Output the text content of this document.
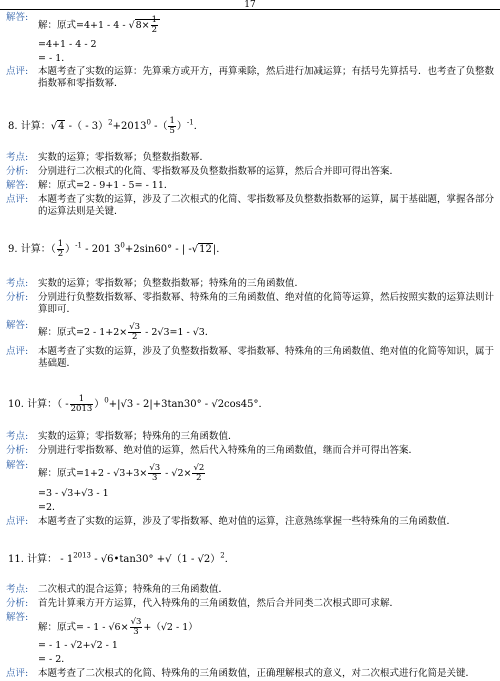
17
解答:
解：原式$=4+1 - 4 - √8\times \frac{1}{2}$
=4+1 - 4 - 2
= - 1．
点评: 本题考查了实数的运算：先算乘方或开方，再算乘除，然后进行加减运算；有括号先算括号．也考查了负整数指数幂和零指数幂．
8. 计算：√4 -（ - $3)^2+2013^0$ -（ $\frac{1}{5} )^{-1}$．
考点: 实数的运算；零指数幂；负整数指数幂．
分析: 分别进行二次根式的化简、零指数幂及负整数指数幂的运算，然后合并即可得出答案．
解答: 解：原式=2 - 9+1 - 5= - 11．
点评: 本题考查了实数的运算，涉及了二次根式的化简、零指数幂及负整数指数幂的运算，属于基础题，掌握各部分的运算法则是关键．
9. 计算：（ $\frac{1}{2} )^{-1} - 201$ $3^0+2\sin 60^\circ$ - | -√12|．
考点: 实数的运算；零指数幂；负整数指数幂；特殊角的三角函数值．
分析: 分别进行负整数指数幂、零指数幂、特殊角的三角函数值、绝对值的化简等运算，然后按照实数的运算法则计算即可．
解答:
解：原式$=2 - 1+2\times \frac{√3}{2} - 2√3=1 - √3$．
点评: 本题考查了实数的运算，涉及了负整数指数幂、零指数幂、特殊角的三角函数值、绝对值的化简等知识，属于基础题．
10. 计算：（ - $\frac{1}{2013} )^0+|√3 - 2|+3\tan 30^\circ - √2\cos 45^\circ$．
考点: 实数的运算；零指数幂；特殊角的三角函数值．
分析: 分别进行零指数幂、绝对值的运算，然后代入特殊角的三角函数值，继而合并可得出答案．
解答:
解：原式$=1+2 - √3+3\times \frac{√3}{3} - √2\times \frac{√2}{2}$
=3 - √3+√3 - 1
=2．
点评: 本题考查了实数的运算，涉及了零指数幂、绝对值的运算，注意熟练掌握一些特殊角的三角函数值．
11. 计算： - $1^{2013}$ - √6•tan30° +√（1 - √2）$^2$．
考点: 二次根式的混合运算；特殊角的三角函数值．
分析: 首先计算乘方开方运算，代入特殊角的三角函数值，然后合并同类二次根式即可求解．
解答:
解：原式= - $1 - √6\times \frac{√3}{3} +(√2 - 1)$
= - 1 - √2+√2 - 1
= - 2．
点评: 本题考查了二次根式的化简、特殊角的三角函数值，正确理解根式的意义，对二次根式进行化简是关键．
